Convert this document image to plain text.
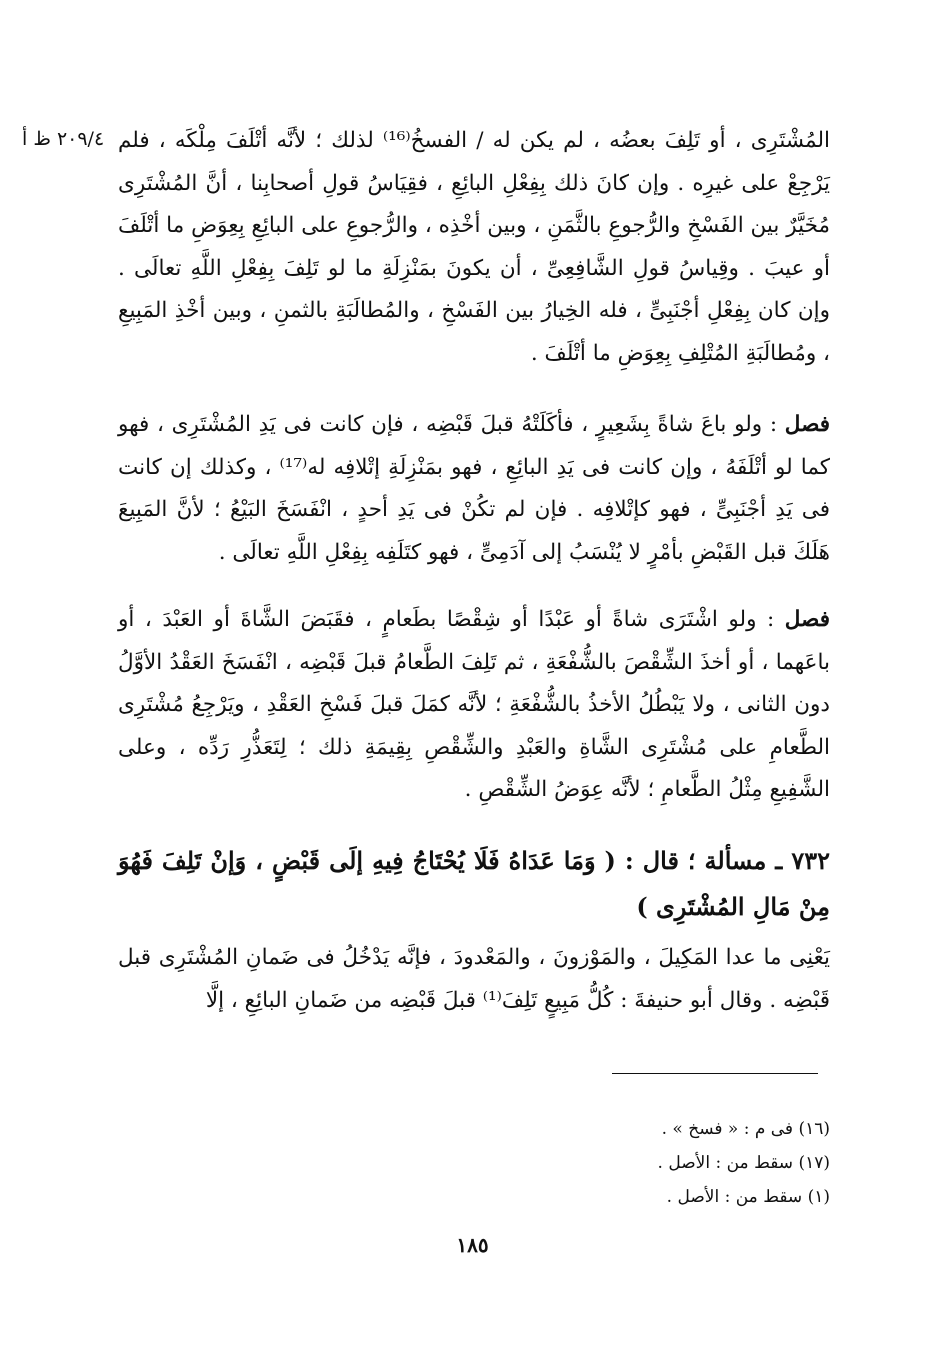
٢٠٩/٤ ظ أ المُشْتَرِى ، أو تَلِفَ بعضُه ، لم يكن له / الفسخُ⁽¹⁶⁾ لذلك ؛ لأنَّه أتْلَفَ مِلْكَه ، فلم يَرْجِعْ على غيرِه . وإن كانَ ذلك بِفِعْلِ البائِعِ ، فقِيَاسُ قولِ أصحابِنا ، أنَّ المُشْتَرِى مُخَيَّرٌ بين الفَسْخِ والرُّجوعِ بالثَّمَنِ ، وبين أخْذِه ، والرُّجوعِ على البائِعِ بِعِوَضِ ما أتْلَفَ أو عيبَ . وقِياسُ قولِ الشَّافِعِىِّ ، أن يكونَ بمَنْزِلَةِ ما لو تَلِفَ بِفِعْلِ اللَّهِ تعالَى . وإن كان بِفِعْلِ أجْنَبِىٍّ ، فله الخِيارُ بين الفَسْخِ ، والمُطالَبَةِ بالثمنِ ، وبين أخْذِ المَبِيعِ ، ومُطالَبَةِ المُتْلِفِ بِعِوَضِ ما أتْلَفَ .

فصل : ولو باعَ شاةً بِشَعِيرٍ ، فأكَلَتْهُ قبلَ قَبْضِه ، فإن كانت فى يَدِ المُشْتَرِى ، فهو كما لو أتْلَفَهُ ، وإن كانت فى يَدِ البائِعِ ، فهو بمَنْزِلَةِ إتْلافِه له⁽¹⁷⁾ ، وكذلك إن كانت فى يَدِ أجْنَبِىٍّ ، فهو كإتْلافِه . فإن لم تكُنْ فى يَدِ أحدٍ ، انْفَسَخَ البَيْعُ ؛ لأنَّ المَبِيعَ هَلَكَ قبل القَبْضِ بأمْرٍ لا يُنْسَبُ إلى آدَمِىٍّ ، فهو كتَلَفِه بِفِعْلِ اللَّهِ تعالَى .

فصل : ولو اشْتَرَى شاةً أو عَبْدًا أو شِقْصًا بطَعامٍ ، فقَبَضَ الشَّاةَ أو العَبْدَ ، أو باعَهما ، أو أخذَ الشِّقْصَ بالشُّفْعَةِ ، ثم تَلِفَ الطَّعامُ قبلَ قَبْضِه ، انْفَسَخَ العَقْدُ الأوَّلُ دون الثانى ، ولا يَبْطُلُ الأخذُ بالشُّفْعَةِ ؛ لأنَّه كمَلَ قبلَ فَسْخِ العَقْدِ ، ويَرْجِعُ مُشْتَرِى الطَّعامِ على مُشْتَرِى الشَّاةِ والعَبْدِ والشِّقْصِ بِقِيمَةِ ذلك ؛ لِتَعَذُّرِ رَدِّه ، وعلى الشَّفِيعِ مِثْلُ الطَّعامِ ؛ لأنَّه عِوَضُ الشِّقْصِ .

٧٣٢ ـ مسألة ؛ قال : ( وَمَا عَدَاهُ فَلَا يُحْتَاجُ فِيهِ إلَى قَبْضٍ ، وَإنْ تَلِفَ فَهُوَ مِنْ مَالِ المُشْتَرِى )

يَعْنِى ما عدا المَكِيلَ ، والمَوْزونَ ، والمَعْدودَ ، فإنَّه يَدْخُلُ فى ضَمانِ المُشْتَرِى قبل قَبْضِه . وقال أبو حنيفةَ : كُلُّ مَبِيعٍ تَلِفَ⁽¹⁾ قبلَ قَبْضِه من ضَمانِ البائِعِ ، إلَّا

(١٦) فى م : « فسخ » .

(١٧) سقط من : الأصل .

(١) سقط من : الأصل .

١٨٥
